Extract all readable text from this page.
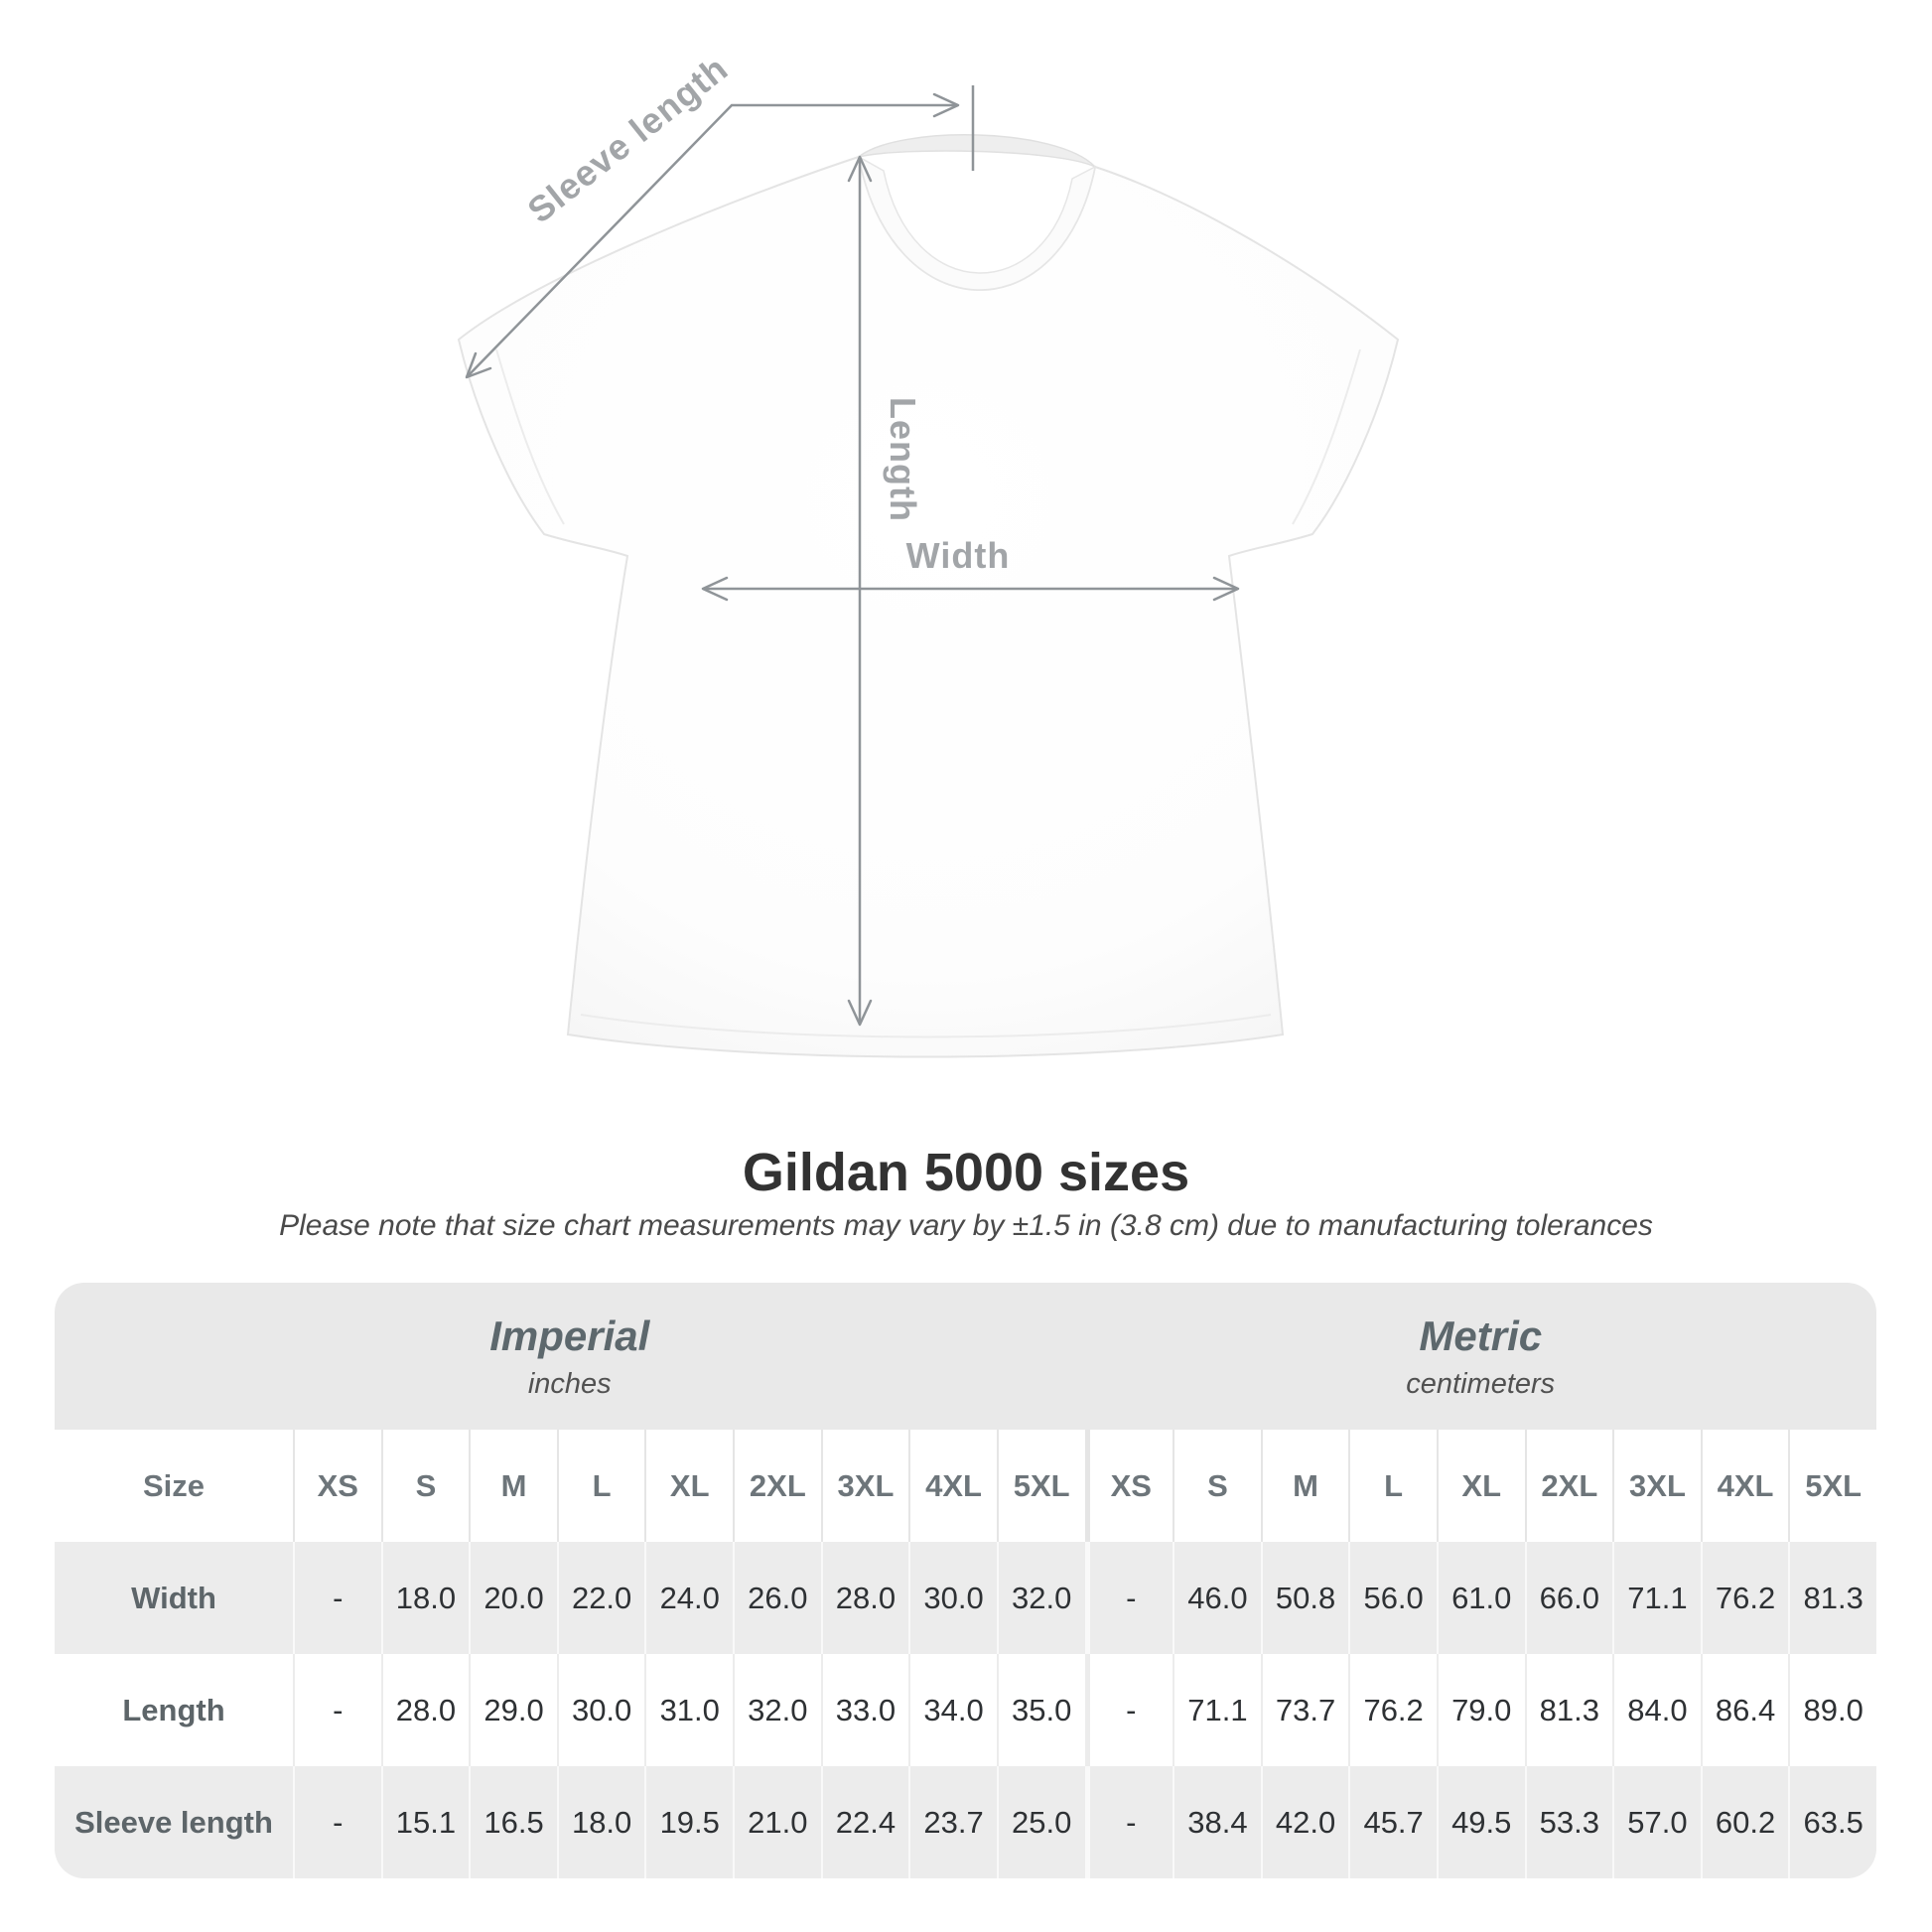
Sleeve length
Length
Width
Gildan 5000 sizes
Please note that size chart measurements may vary by ±1.5 in (3.8 cm) due to manufacturing tolerances
Imperial
inches
Metric
centimeters
Size	XS	S	M	L	XL	2XL	3XL	4XL	5XL	XS	S	M	L	XL	2XL	3XL	4XL	5XL
Width	-	18.0 20.0 22.0 24.0 26.0 28.0 30.0 32.0	-	46.0 50.8 56.0 61.0 66.0 71.1 76.2 81.3
Length	-	28.0 29.0 30.0 31.0 32.0 33.0 34.0 35.0	-	71.1 73.7 76.2 79.0 81.3 84.0 86.4 89.0
Sleeve length	-	15.1 16.5 18.0 19.5 21.0 22.4 23.7 25.0	-	38.4 42.0 45.7 49.5 53.3 57.0 60.2 63.5
